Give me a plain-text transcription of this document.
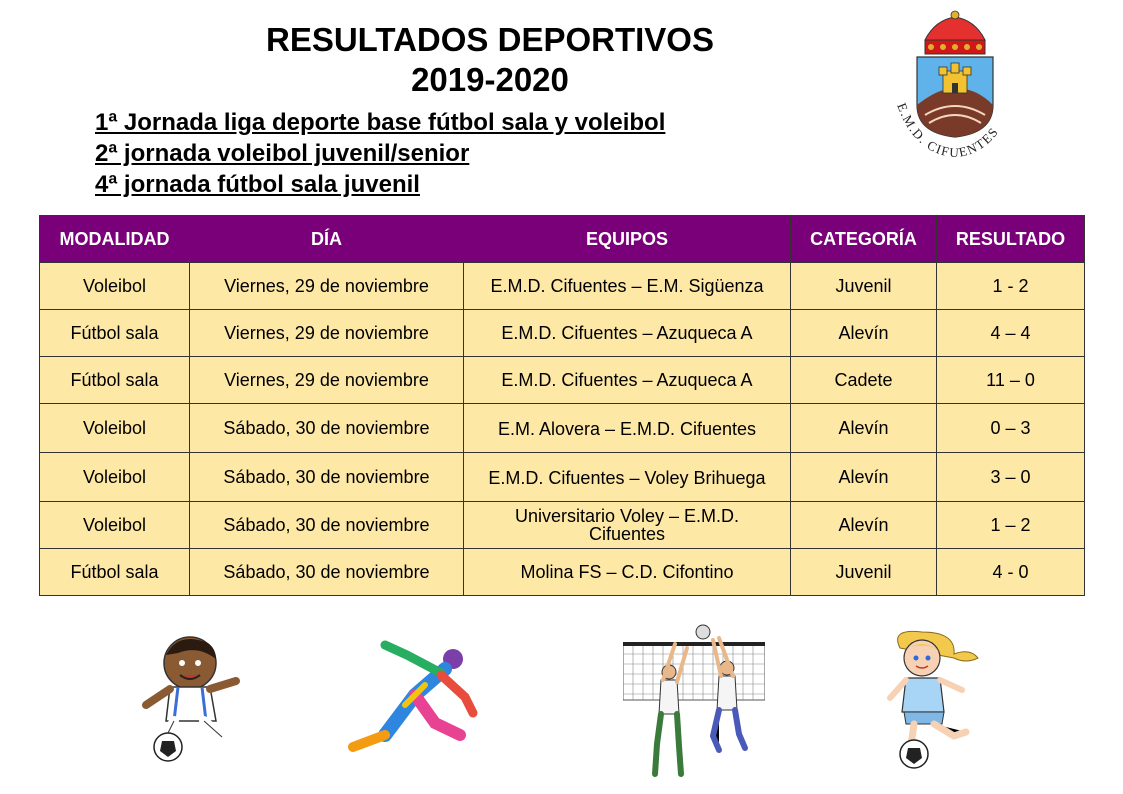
RESULTADOS DEPORTIVOS
2019-2020
1ª Jornada liga deporte base fútbol sala y voleibol
2ª jornada voleibol juvenil/senior
4ª jornada fútbol sala juvenil
E.M.D. CIFUENTES
MODALIDAD	DÍA	EQUIPOS	CATEGORÍA	RESULTADO
Voleibol	Viernes, 29 de noviembre	E.M.D. Cifuentes – E.M. Sigüenza	Juvenil	1 - 2
Fútbol sala	Viernes, 29 de noviembre	E.M.D. Cifuentes – Azuqueca A	Alevín	4 – 4
Fútbol sala	Viernes, 29 de noviembre	E.M.D. Cifuentes – Azuqueca A	Cadete	11 – 0
Voleibol	Sábado, 30 de noviembre	E.M. Alovera – E.M.D. Cifuentes	Alevín	0 – 3
Voleibol	Sábado, 30 de noviembre	E.M.D. Cifuentes – Voley Brihuega	Alevín	3 – 0
Voleibol	Sábado, 30 de noviembre	Universitario Voley – E.M.D. Cifuentes	Alevín	1 – 2
Fútbol sala	Sábado, 30 de noviembre	Molina FS – C.D. Cifontino	Juvenil	4 - 0
